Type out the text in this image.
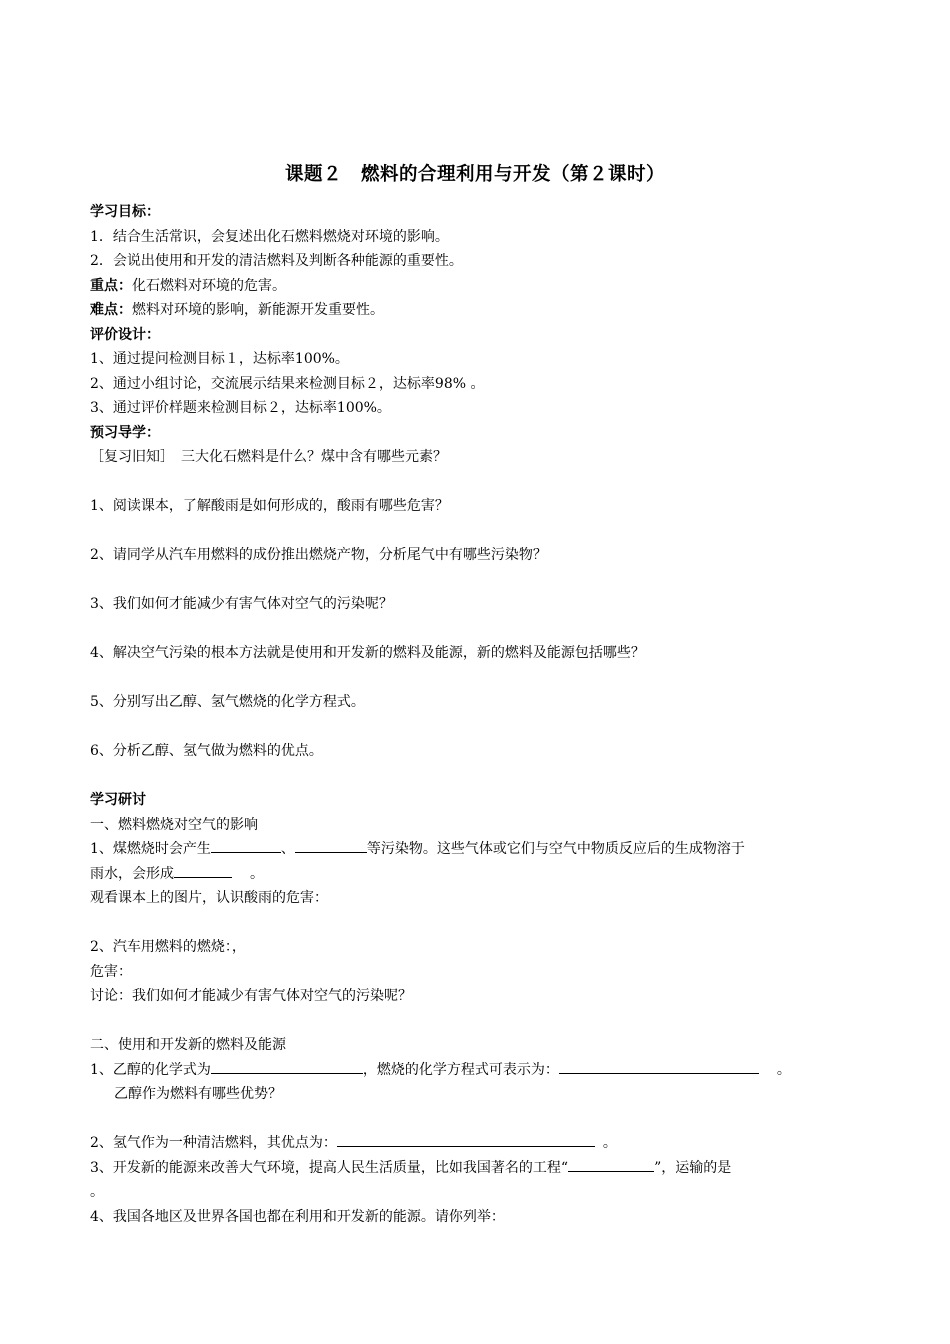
课题２　燃料的合理利用与开发（第２课时）
学习目标：
1．结合生活常识，会复述出化石燃料燃烧对环境的影响。
2．会说出使用和开发的清洁燃料及判断各种能源的重要性。
重点：化石燃料对环境的危害。
难点：燃料对环境的影响，新能源开发重要性。
评价设计：
1、通过提问检测目标１，达标率100%。
2、通过小组讨论，交流展示结果来检测目标２，达标率98% 。
3、通过评价样题来检测目标２，达标率100%。
预习导学：
［复习旧知］　三大化石燃料是什么？煤中含有哪些元素？
1、阅读课本，了解酸雨是如何形成的，酸雨有哪些危害？
2、请同学从汽车用燃料的成份推出燃烧产物，分析尾气中有哪些污染物？
3、我们如何才能减少有害气体对空气的污染呢？
4、解决空气污染的根本方法就是使用和开发新的燃料及能源，新的燃料及能源包括哪些？
5、分别写出乙醇、氢气燃烧的化学方程式。
6、分析乙醇、氢气做为燃料的优点。
学习研讨
一、燃料燃烧对空气的影响
1、煤燃烧时会产生	、	等污染物。这些气体或它们与空气中物质反应后的生成物溶于
雨水，会形成	。
观看课本上的图片，认识酸雨的危害：
2、汽车用燃料的燃烧：，
危害：
讨论：我们如何才能减少有害气体对空气的污染呢？
二、使用和开发新的燃料及能源
1、乙醇的化学式为	，燃烧的化学方程式可表示为：	。
乙醇作为燃料有哪些优势？
2、氢气作为一种清洁燃料，其优点为：	。
3、开发新的能源来改善大气环境，提高人民生活质量，比如我国著名的工程“	”，运输的是
。
4、我国各地区及世界各国也都在利用和开发新的能源。请你列举：
